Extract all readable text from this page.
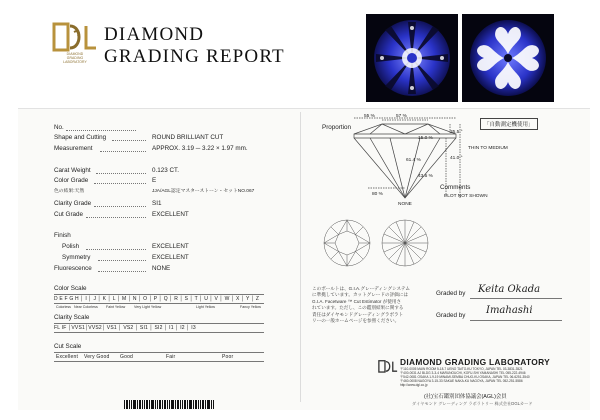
DIAMOND
GRADING
LABORATORY
DIAMOND
GRADING REPORT
No.
Shape and Cutting	ROUND BRILLIANT CUT
Measurement	APPROX. 3.19 ─ 3.22 × 1.97 mm.
Carat Weight	0.123 CT.
Color Grade	E
色の結果:天然	JJA/AGL認定マスターストーン・セットNO.067
Clarity Grade	SI1
Cut Grade	EXCELLENT
Finish
Polish	EXCELLENT
Symmetry	EXCELLENT
Fluorescence	NONE
Color Scale
D E F G H │ I │ J │ K │ L │ M │ N │ O │ P │ Q │ R │ S │ T │ U │ V │ W │ X │ Y │ Z
Colorless Near Colorless Faint Yellow Very Light Yellow	Light Yellow	Fancy Yellow
Clarity Scale
FL IF │VVS1│VVS2│ VS1 │ VS2 │ SI1 │ SI2 │ I1 │ I2 │ I3
Cut Scale
Excellent Very Good Good	Fair	Poor
Proportion	「自動測定機使用」
55 %	57 %
15.0 %
35.5 °
THIN TO MEDIUM
61.4 %	41.0 °
43.5 %
80 %
NONE
Comments
PLOT NOT SHOWN
このボールトは、G.I.A.グレーディングシステム
に準拠しています。カットグレードの評価には
G.I.A. Facetware ™ Cut Estimator が使用さ
れています。ただし、この鑑別結果に関する
責任はダイヤモンドグレーディングラボラト
リーの一般ホームページを参照ください。
Graded by Keita Okada
Graded by Imahashi
DIAMOND GRADING LABORATORY
〒110-0005 MAIN ROOM 5-18-7 UENO TAITO-KU TOKYO, JAPAN TEL 03-3831-3521
〒400-0031 AJ BLDG 3-3-4 MARUNOUCHI, KOFU-SHI YAMANASHI TEL 055-222-4946
〒542-0081 OSAKA 1-9-19 MINAMI-SEMBA CHUO-KU OSAKA, JAPAN TEL 06-6251-3540
〒460-0008 NAGOYA 3-15-33 SAKAE NAKA-KU NAGOYA, JAPAN TEL 052-251-5586
http://www.dgl.co.jp
(社)宝石鑑別団体協議会(AGL)会員
ダイヤモンド グレーディング ラボラトリー 株式会社DGLカード
